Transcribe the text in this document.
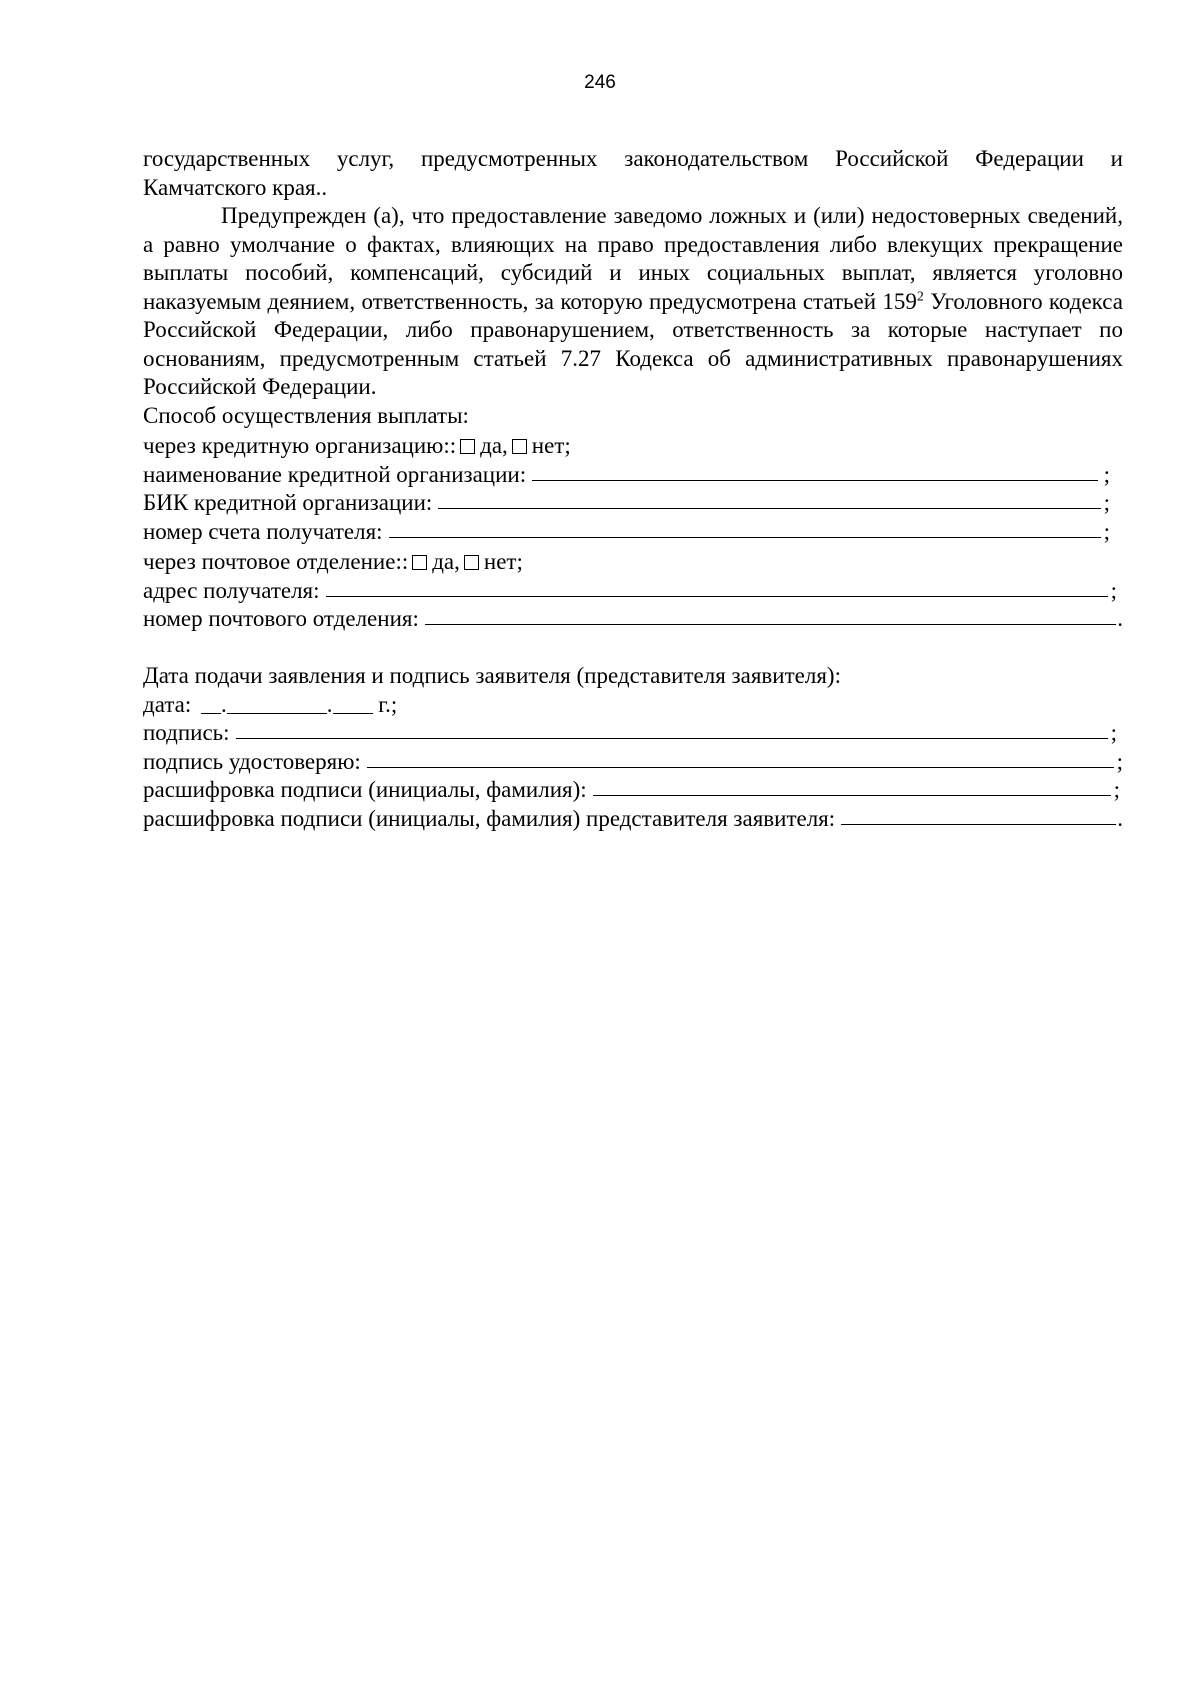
246

государственных услуг, предусмотренных законодательством Российской Федерации и Камчатского края..

Предупрежден (а), что предоставление заведомо ложных и (или) недостоверных сведений, а равно умолчание о фактах, влияющих на право предоставления либо влекущих прекращение выплаты пособий, компенсаций, субсидий и иных социальных выплат, является уголовно наказуемым деянием, ответственность, за которую предусмотрена статьей $159^2$ Уголовного кодекса Российской Федерации, либо правонарушением, ответственность за которые наступает по основаниям, предусмотренным статьей 7.27 Кодекса об административных правонарушениях Российской Федерации.

Способ осуществления выплаты:

через кредитную организацию:: да, нет;

наименование кредитной организации:	;
БИК кредитной организации:	;
номер счета получателя:	;

через почтовое отделение:: да, нет;

адрес получателя:	;
номер почтового отделения:	.

Дата подачи заявления и подпись заявителя (представителя заявителя):

дата: .	. г.;

подпись:	;
подпись удостоверяю:	;
расшифровка подписи (инициалы, фамилия):	;
расшифровка подписи (инициалы, фамилия) представителя заявителя:	.
